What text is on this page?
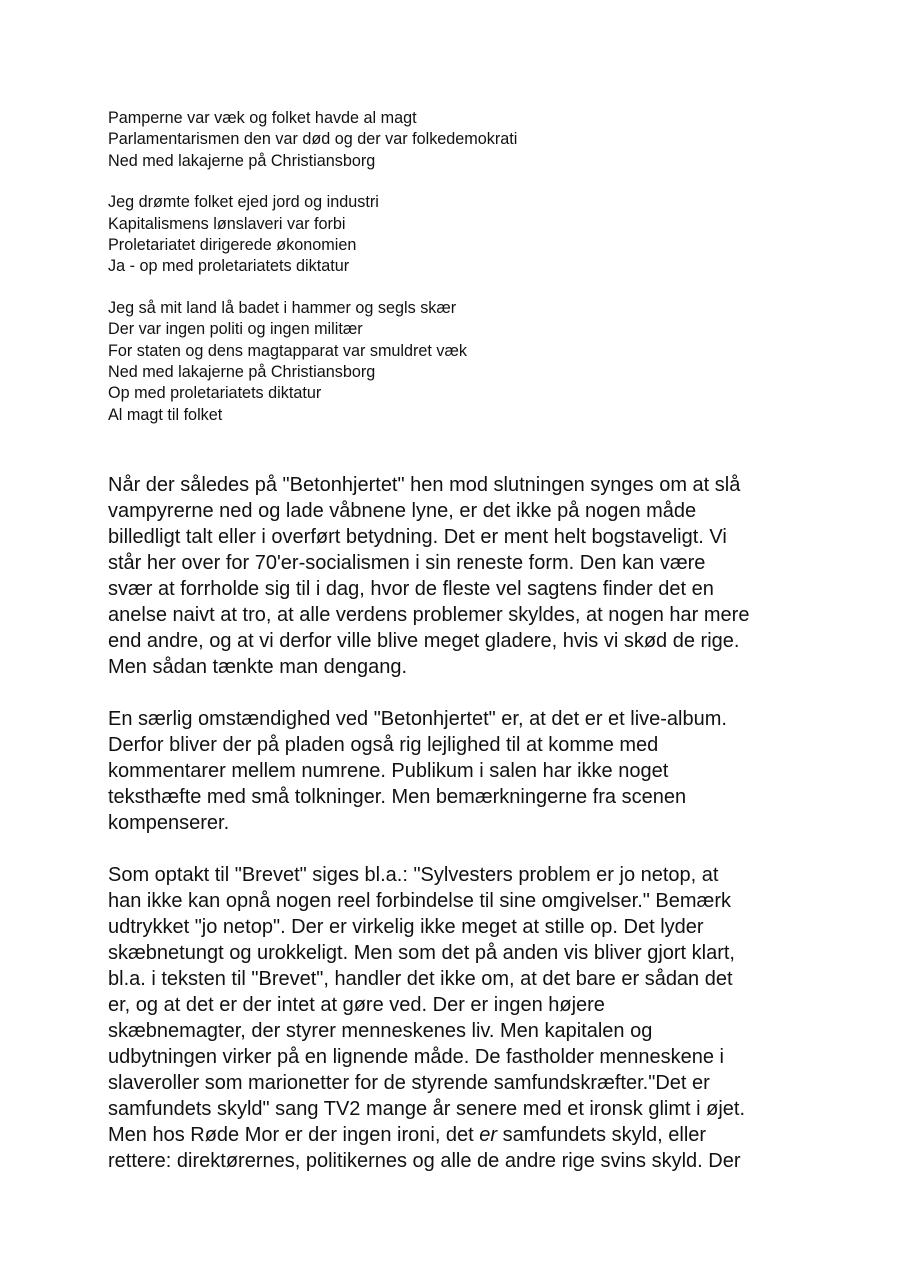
Pamperne var væk og folket havde al magt
Parlamentarismen den var død og der var folkedemokrati
Ned med lakajerne på Christiansborg
Jeg drømte folket ejed jord og industri
Kapitalismens lønslaveri var forbi
Proletariatet dirigerede økonomien
Ja - op med proletariatets diktatur
Jeg så mit land lå badet i hammer og segls skær
Der var ingen politi og ingen militær
For staten og dens magtapparat var smuldret væk
Ned med lakajerne på Christiansborg
Op med proletariatets diktatur
Al magt til folket

Når der således på "Betonhjertet" hen mod slutningen synges om at slå
vampyrerne ned og lade våbnene lyne, er det ikke på nogen måde
billedligt talt eller i overført betydning. Det er ment helt bogstaveligt. Vi
står her over for 70'er-socialismen i sin reneste form. Den kan være
svær at forrholde sig til i dag, hvor de fleste vel sagtens finder det en
anelse naivt at tro, at alle verdens problemer skyldes, at nogen har mere
end andre, og at vi derfor ville blive meget gladere, hvis vi skød de rige.
Men sådan tænkte man dengang.

En særlig omstændighed ved "Betonhjertet" er, at det er et live-album.
Derfor bliver der på pladen også rig lejlighed til at komme med
kommentarer mellem numrene. Publikum i salen har ikke noget
teksthæfte med små tolkninger. Men bemærkningerne fra scenen
kompenserer.

Som optakt til "Brevet" siges bl.a.: "Sylvesters problem er jo netop, at
han ikke kan opnå nogen reel forbindelse til sine omgivelser." Bemærk
udtrykket "jo netop". Der er virkelig ikke meget at stille op. Det lyder
skæbnetungt og urokkeligt. Men som det på anden vis bliver gjort klart,
bl.a. i teksten til "Brevet", handler det ikke om, at det bare er sådan det
er, og at det er der intet at gøre ved. Der er ingen højere
skæbnemagter, der styrer menneskenes liv. Men kapitalen og
udbytningen virker på en lignende måde. De fastholder menneskene i
slaveroller som marionetter for de styrende samfundskræfter."Det er
samfundets skyld" sang TV2 mange år senere med et ironsk glimt i øjet.
Men hos Røde Mor er der ingen ironi, det er samfundets skyld, eller
rettere: direktørernes, politikernes og alle de andre rige svins skyld. Der
